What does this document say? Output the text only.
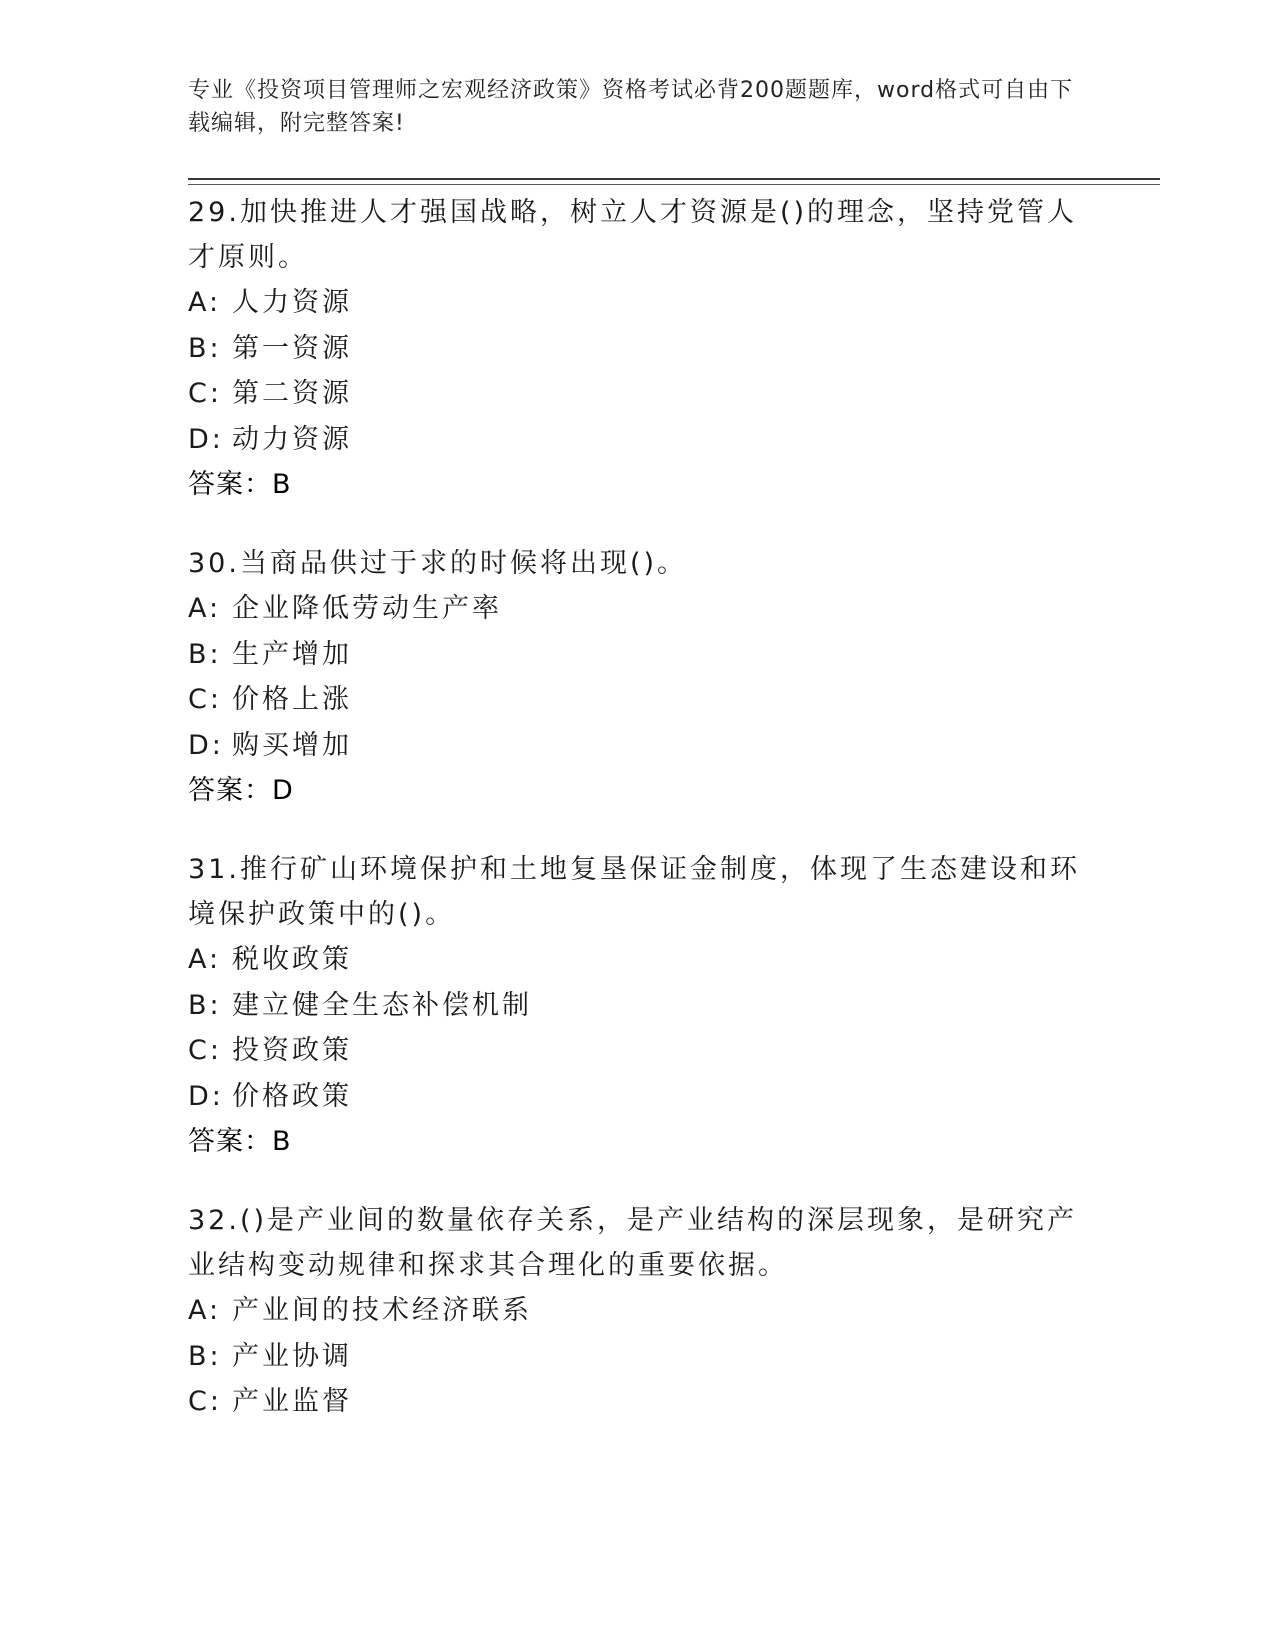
专业《投资项目管理师之宏观经济政策》资格考试必背200题题库，word格式可自由下载编辑，附完整答案!

29.加快推进人才强国战略，树立人才资源是()的理念，坚持党管人才原则。

A: 人力资源
B: 第一资源
C: 第二资源
D: 动力资源
答案：B

30.当商品供过于求的时候将出现()。

A: 企业降低劳动生产率
B: 生产增加
C: 价格上涨
D: 购买增加
答案：D

31.推行矿山环境保护和土地复垦保证金制度，体现了生态建设和环境保护政策中的()。

A: 税收政策
B: 建立健全生态补偿机制
C: 投资政策
D: 价格政策
答案：B

32.()是产业间的数量依存关系，是产业结构的深层现象，是研究产业结构变动规律和探求其合理化的重要依据。

A: 产业间的技术经济联系
B: 产业协调
C: 产业监督
